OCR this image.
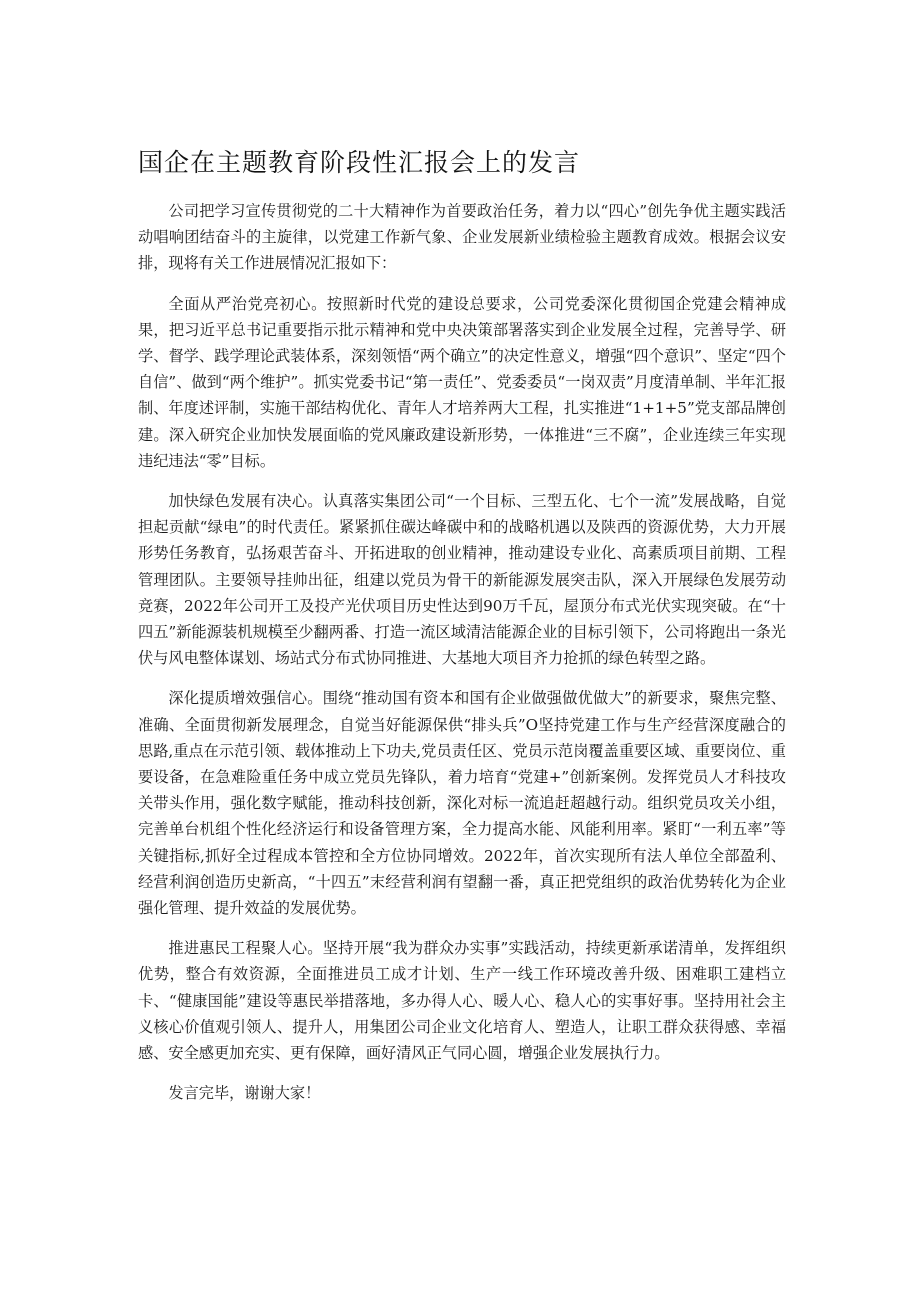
国企在主题教育阶段性汇报会上的发言

公司把学习宣传贯彻党的二十大精神作为首要政治任务，着力以“四心”创先争优主题实践活动唱响团结奋斗的主旋律，以党建工作新气象、企业发展新业绩检验主题教育成效。根据会议安排，现将有关工作进展情况汇报如下：

全面从严治党亮初心。按照新时代党的建设总要求，公司党委深化贯彻国企党建会精神成果，把习近平总书记重要指示批示精神和党中央决策部署落实到企业发展全过程，完善导学、研学、督学、践学理论武装体系，深刻领悟“两个确立”的决定性意义，增强“四个意识”、坚定“四个自信”、做到“两个维护”。抓实党委书记“第一责任”、党委委员“一岗双责”月度清单制、半年汇报制、年度述评制，实施干部结构优化、青年人才培养两大工程，扎实推进“1+1+5”党支部品牌创建。深入研究企业加快发展面临的党风廉政建设新形势，一体推进“三不腐”，企业连续三年实现违纪违法“零”目标。

加快绿色发展有决心。认真落实集团公司“一个目标、三型五化、七个一流”发展战略，自觉担起贡献“绿电”的时代责任。紧紧抓住碳达峰碳中和的战略机遇以及陕西的资源优势，大力开展形势任务教育，弘扬艰苦奋斗、开拓进取的创业精神，推动建设专业化、高素质项目前期、工程管理团队。主要领导挂帅出征，组建以党员为骨干的新能源发展突击队，深入开展绿色发展劳动竞赛，2022年公司开工及投产光伏项目历史性达到90万千瓦，屋顶分布式光伏实现突破。在“十四五”新能源装机规模至少翻两番、打造一流区域清洁能源企业的目标引领下，公司将跑出一条光伏与风电整体谋划、场站式分布式协同推进、大基地大项目齐力抢抓的绿色转型之路。

深化提质增效强信心。围绕“推动国有资本和国有企业做强做优做大”的新要求，聚焦完整、准确、全面贯彻新发展理念，自觉当好能源保供“排头兵”O坚持党建工作与生产经营深度融合的思路,重点在示范引领、载体推动上下功夫,党员责任区、党员示范岗覆盖重要区域、重要岗位、重要设备，在急难险重任务中成立党员先锋队，着力培育“党建+”创新案例。发挥党员人才科技攻关带头作用，强化数字赋能，推动科技创新，深化对标一流追赶超越行动。组织党员攻关小组，完善单台机组个性化经济运行和设备管理方案，全力提高水能、风能利用率。紧盯“一利五率”等关键指标,抓好全过程成本管控和全方位协同增效。2022年，首次实现所有法人单位全部盈利、经营利润创造历史新高，“十四五”末经营利润有望翻一番，真正把党组织的政治优势转化为企业强化管理、提升效益的发展优势。

推进惠民工程聚人心。坚持开展“我为群众办实事”实践活动，持续更新承诺清单，发挥组织优势，整合有效资源，全面推进员工成才计划、生产一线工作环境改善升级、困难职工建档立卡、“健康国能”建设等惠民举措落地，多办得人心、暖人心、稳人心的实事好事。坚持用社会主义核心价值观引领人、提升人，用集团公司企业文化培育人、塑造人，让职工群众获得感、幸福感、安全感更加充实、更有保障，画好清风正气同心圆，增强企业发展执行力。

发言完毕，谢谢大家！
